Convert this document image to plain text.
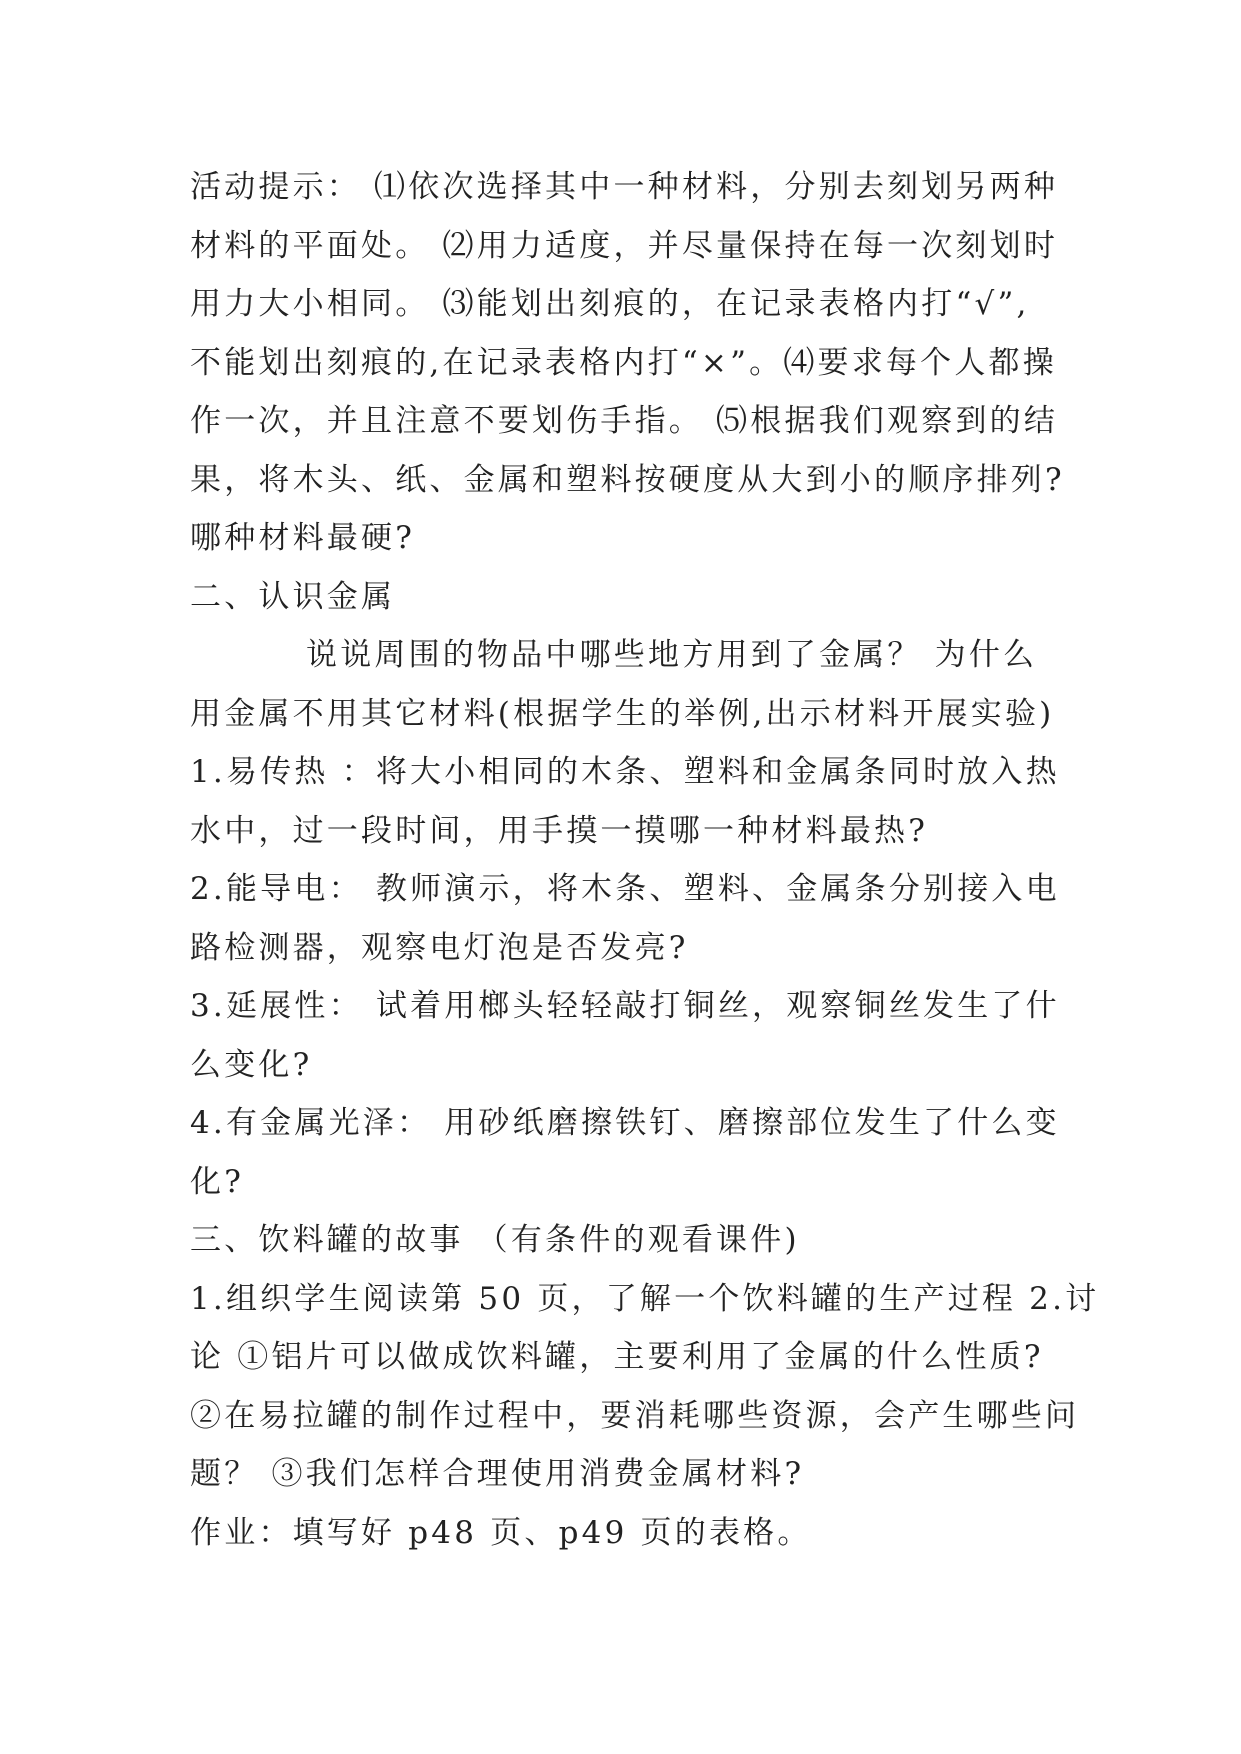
活动提示： ⑴依次选择其中一种材料，分别去刻划另两种
材料的平面处。 ⑵用力适度，并尽量保持在每一次刻划时
用力大小相同。 ⑶能划出刻痕的，在记录表格内打“√”,
不能划出刻痕的,在记录表格内打“×”。⑷要求每个人都操
作一次，并且注意不要划伤手指。 ⑸根据我们观察到的结
果，将木头、纸、金属和塑料按硬度从大到小的顺序排列?
哪种材料最硬?
二、认识金属
说说周围的物品中哪些地方用到了金属？ 为什么
用金属不用其它材料(根据学生的举例,出示材料开展实验)
1.易传热 ：将大小相同的木条、塑料和金属条同时放入热
水中，过一段时间，用手摸一摸哪一种材料最热?
2.能导电： 教师演示，将木条、塑料、金属条分别接入电
路检测器，观察电灯泡是否发亮?
3.延展性： 试着用榔头轻轻敲打铜丝，观察铜丝发生了什
么变化?
4.有金属光泽： 用砂纸磨擦铁钉、磨擦部位发生了什么变
化?
三、饮料罐的故事 （有条件的观看课件)
1.组织学生阅读第 50 页，了解一个饮料罐的生产过程 2.讨
论 ①铝片可以做成饮料罐，主要利用了金属的什么性质?
②在易拉罐的制作过程中，要消耗哪些资源，会产生哪些问
题？ ③我们怎样合理使用消费金属材料?
作业：填写好 p48 页、p49 页的表格。
